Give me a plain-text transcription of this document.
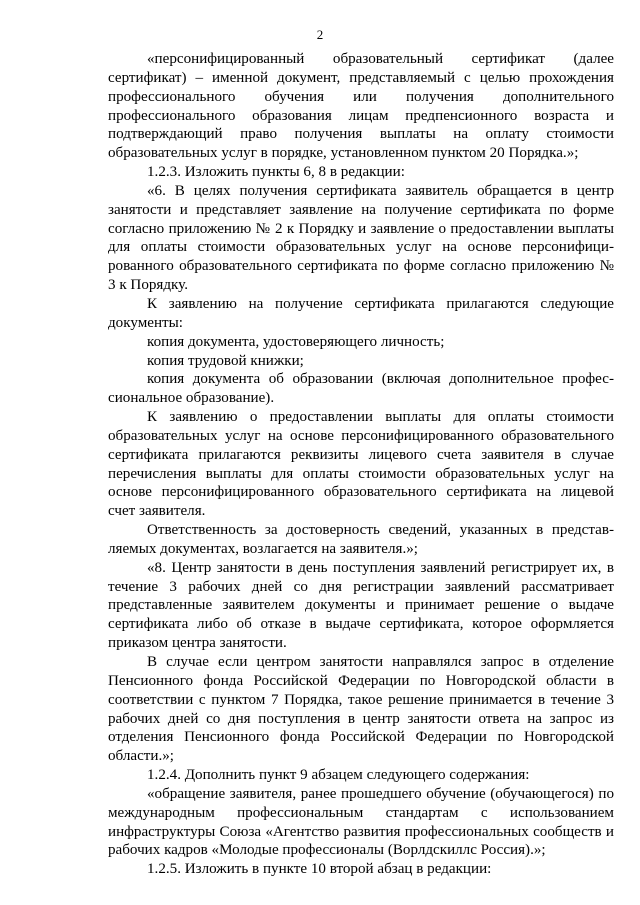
2

«персонифицированный образовательный сертификат (далее сертификат) – именной документ, представляемый с целью прохождения профессионального обучения или получения дополнительного профессионального образования лицам предпенсионного возраста и подтверждающий право получения выплаты на оплату стоимости образовательных услуг в порядке, установленном пунктом 20 Порядка.»;

1.2.3. Изложить пункты 6, 8 в редакции:

«6. В целях получения сертификата заявитель обращается в центр занятости и представляет заявление на получение сертификата по форме согласно приложению № 2 к Порядку и заявление о предоставлении выплаты для оплаты стоимости образовательных услуг на основе персонифицированного образовательного сертификата по форме согласно приложению № 3 к Порядку.

К заявлению на получение сертификата прилагаются следующие документы:

копия документа, удостоверяющего личность;

копия трудовой книжки;

копия документа об образовании (включая дополнительное профессиональное образование).

К заявлению о предоставлении выплаты для оплаты стоимости образовательных услуг на основе персонифицированного образовательного сертификата прилагаются реквизиты лицевого счета заявителя в случае перечисления выплаты для оплаты стоимости образовательных услуг на основе персонифицированного образовательного сертификата на лицевой счет заявителя.

Ответственность за достоверность сведений, указанных в представляемых документах, возлагается на заявителя.»;

«8. Центр занятости в день поступления заявлений регистрирует их, в течение 3 рабочих дней со дня регистрации заявлений рассматривает представленные заявителем документы и принимает решение о выдаче сертификата либо об отказе в выдаче сертификата, которое оформляется приказом центра занятости.

В случае если центром занятости направлялся запрос в отделение Пенсионного фонда Российской Федерации по Новгородской области в соответствии с пунктом 7 Порядка, такое решение принимается в течение 3 рабочих дней со дня поступления в центр занятости ответа на запрос из отделения Пенсионного фонда Российской Федерации по Новгородской области.»;

1.2.4. Дополнить пункт 9 абзацем следующего содержания:

«обращение заявителя, ранее прошедшего обучение (обучающегося) по международным профессиональным стандартам с использованием инфраструктуры Союза «Агентство развития профессиональных сообществ и рабочих кадров «Молодые профессионалы (Ворлдскиллс Россия).»;

1.2.5. Изложить в пункте 10 второй абзац в редакции:
